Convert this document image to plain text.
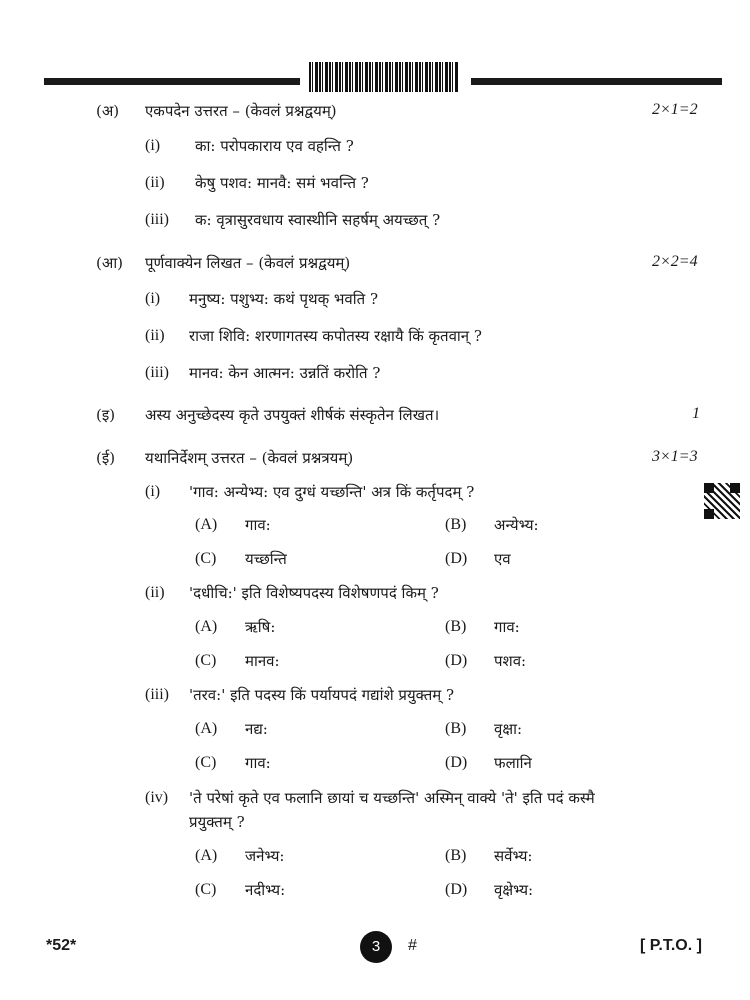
(अ) एकपदेन उत्तरत – (केवलं प्रश्नद्वयम्)	2×1=2
(i) का: परोपकाराय एव वहन्ति ?
(ii) केषु पशव: मानवै: समं भवन्ति ?
(iii) क: वृत्रासुरवधाय स्वास्थीनि सहर्षम् अयच्छत् ?
(आ) पूर्णवाक्येन लिखत – (केवलं प्रश्नद्वयम्)	2×2=4
(i) मनुष्य: पशुभ्य: कथं पृथक् भवति ?
(ii) राजा शिवि: शरणागतस्य कपोतस्य रक्षायै किं कृतवान् ?
(iii) मानव: केन आत्मन: उन्नतिं करोति ?
(इ) अस्य अनुच्छेदस्य कृते उपयुक्तं शीर्षकं संस्कृतेन लिखत।	1
(ई) यथानिर्देशम् उत्तरत – (केवलं प्रश्नत्रयम्)	3×1=3
(i) 'गाव: अन्येभ्य: एव दुग्धं यच्छन्ति' अत्र किं कर्तृपदम् ?
(A) गाव:	(B) अन्येभ्य:
(C) यच्छन्ति	(D) एव
(ii) 'दधीचि:' इति विशेष्यपदस्य विशेषणपदं किम् ?
(A) ऋषि:	(B) गाव:
(C) मानव:	(D) पशव:
(iii) 'तरव:' इति पदस्य किं पर्यायपदं गद्यांशे प्रयुक्तम् ?
(A) नद्य:	(B) वृक्षा:
(C) गाव:	(D) फलानि
(iv) 'ते परेषां कृते एव फलानि छायां च यच्छन्ति' अस्मिन् वाक्ये 'ते' इति पदं कस्मै
प्रयुक्तम् ?
(A) जनेभ्य:	(B) सर्वेभ्य:
(C) नदीभ्य:	(D) वृक्षेभ्य:
*52*	3	#	[ P.T.O. ]
